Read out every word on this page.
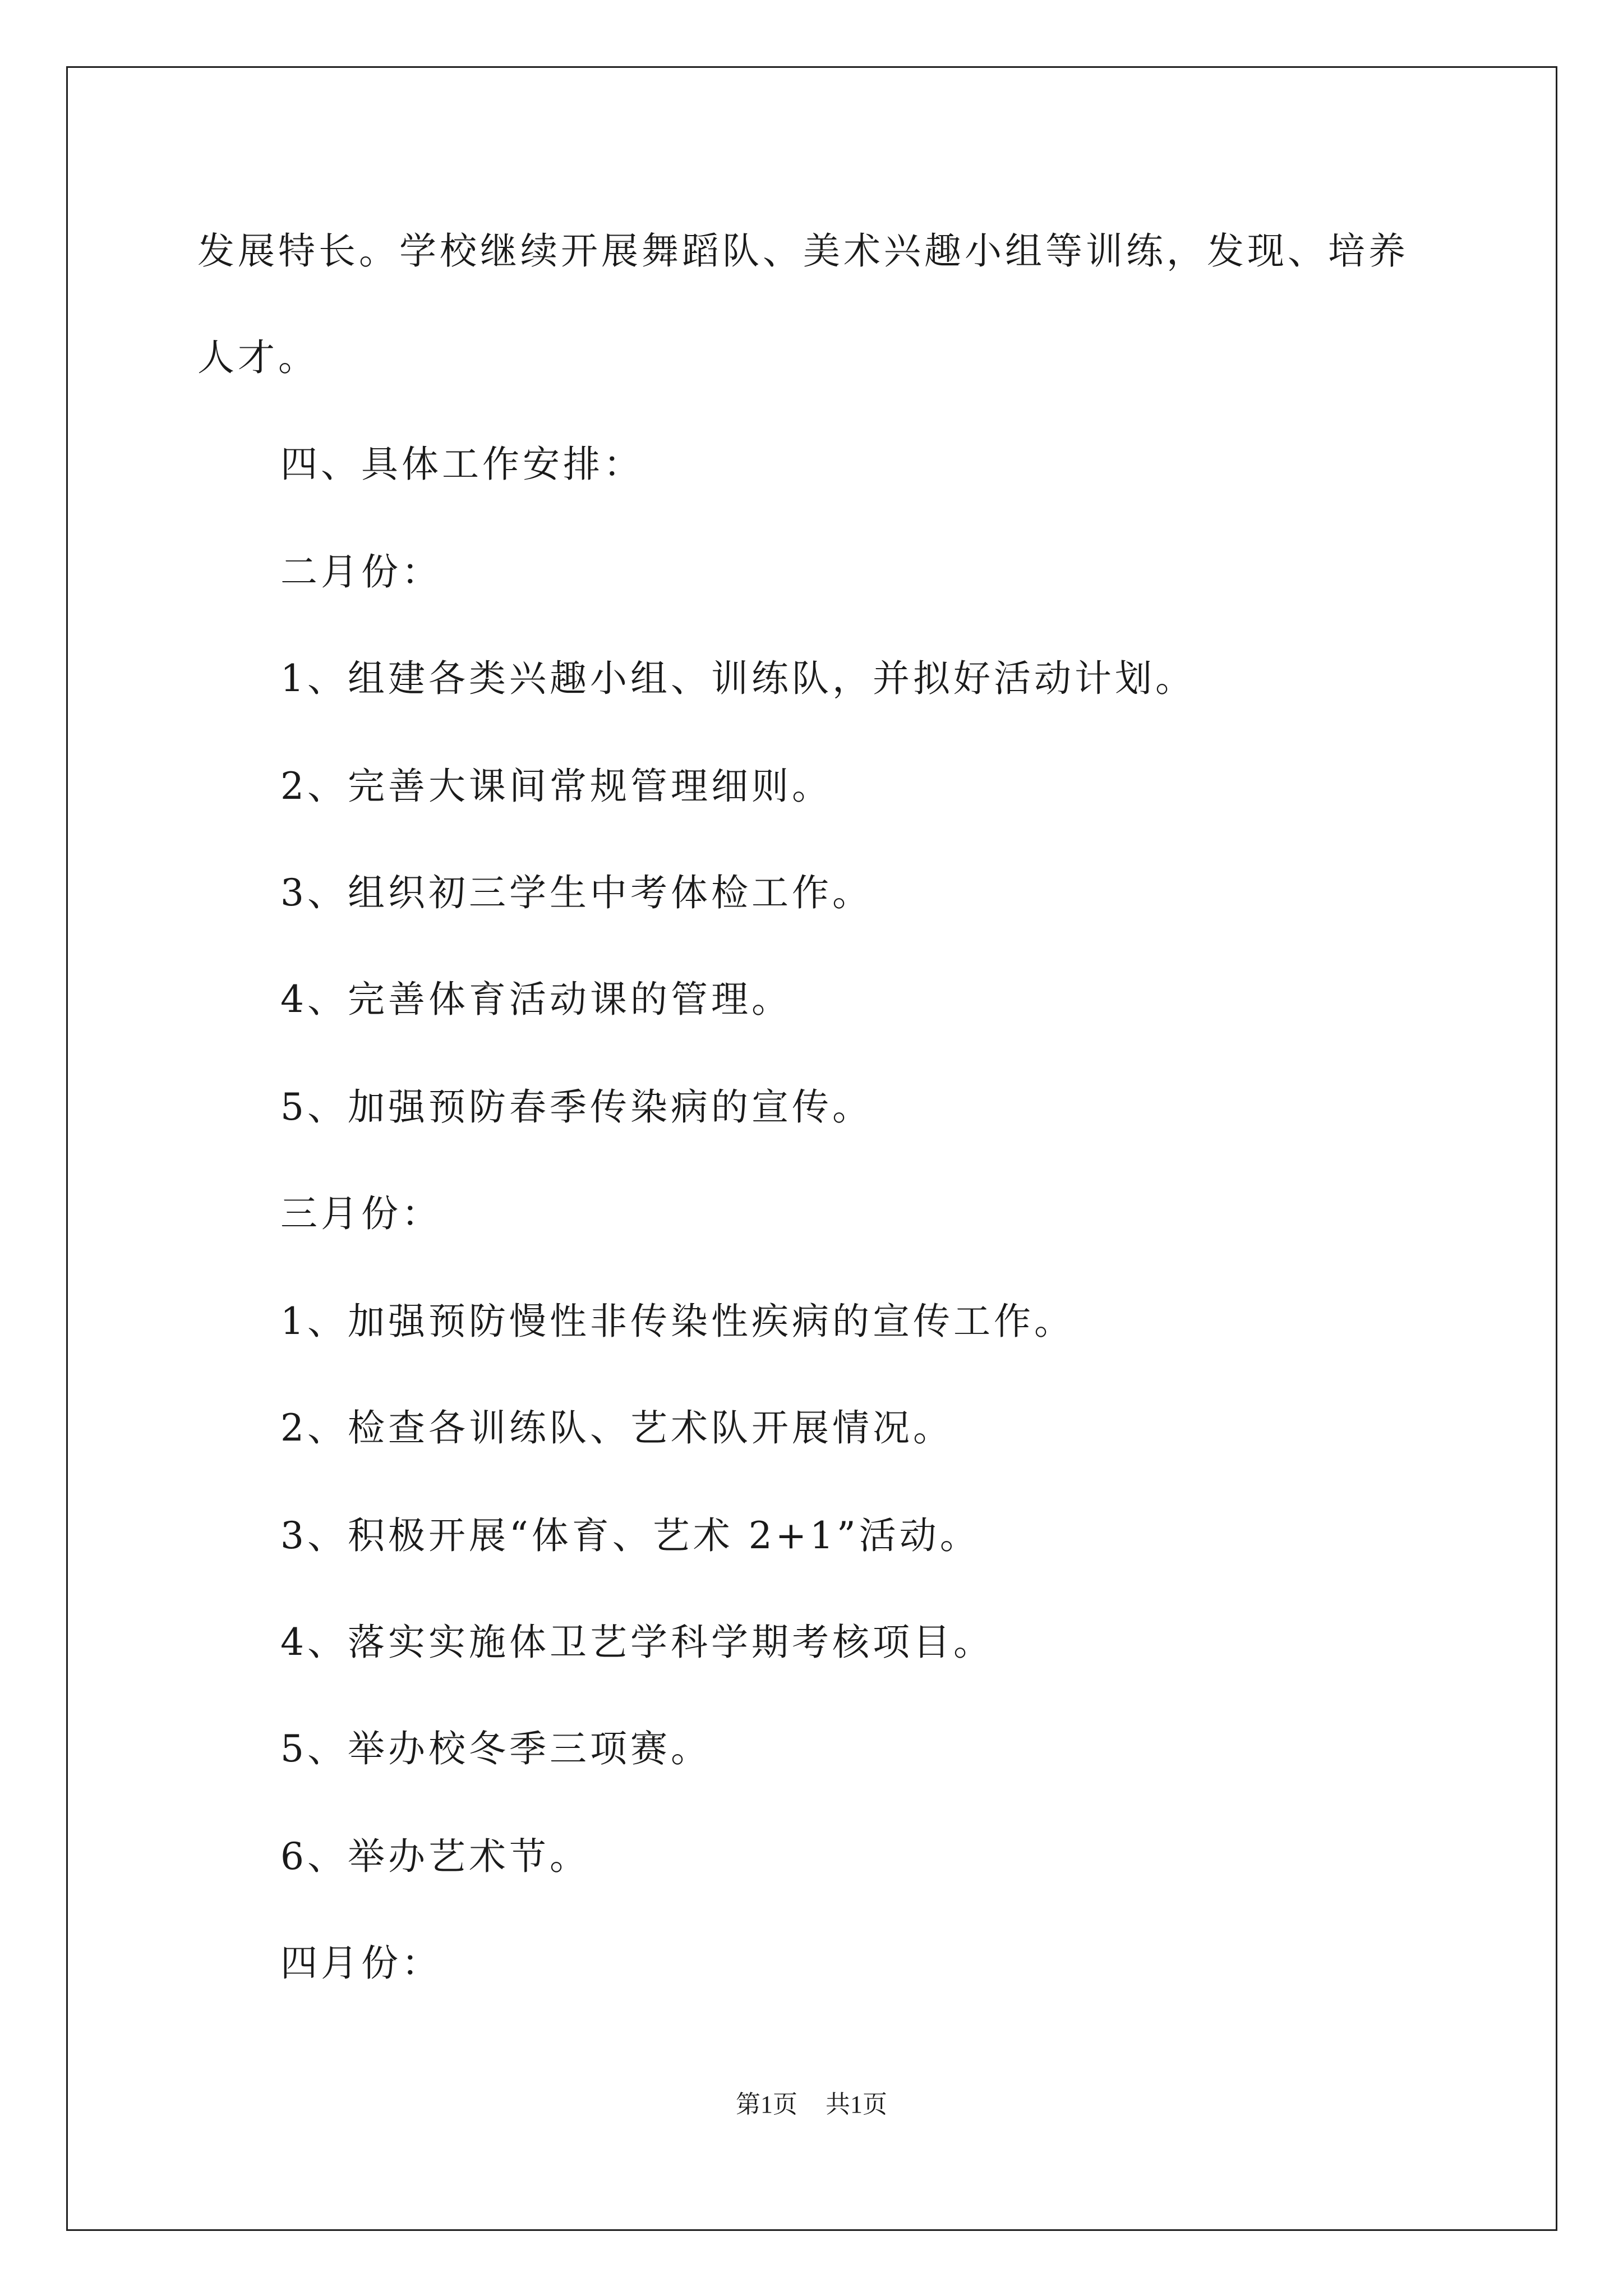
发展特长。学校继续开展舞蹈队、美术兴趣小组等训练，发现、培养

人才。

四、具体工作安排：

二月份：

1、组建各类兴趣小组、训练队，并拟好活动计划。

2、完善大课间常规管理细则。

3、组织初三学生中考体检工作。

4、完善体育活动课的管理。

5、加强预防春季传染病的宣传。

三月份：

1、加强预防慢性非传染性疾病的宣传工作。

2、检查各训练队、艺术队开展情况。

3、积极开展“体育、艺术 2+1”活动。

4、落实实施体卫艺学科学期考核项目。

5、举办校冬季三项赛。

6、举办艺术节。

四月份：

第1页 共1页
